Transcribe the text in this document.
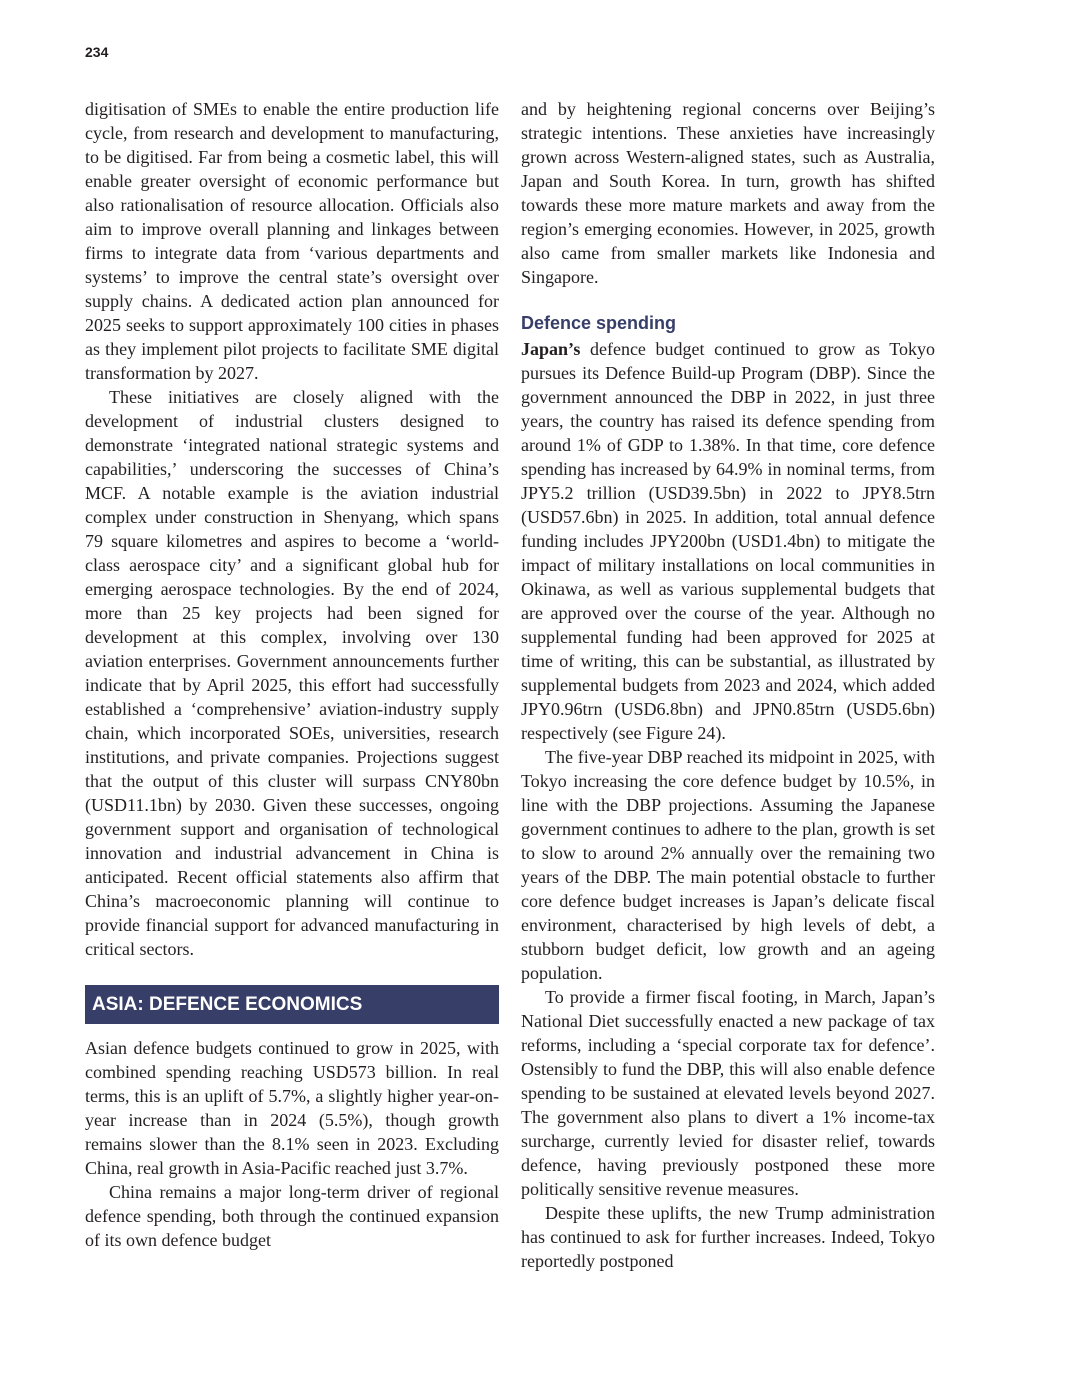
234

digitisation of SMEs to enable the entire production life cycle, from research and development to manufacturing, to be digitised. Far from being a cosmetic label, this will enable greater oversight of economic performance but also rationalisation of resource allocation. Officials also aim to improve overall planning and linkages between firms to integrate data from ‘various departments and systems’ to improve the central state’s oversight over supply chains. A dedicated action plan announced for 2025 seeks to support approximately 100 cities in phases as they implement pilot projects to facilitate SME digital transformation by 2027.

These initiatives are closely aligned with the development of industrial clusters designed to demonstrate ‘integrated national strategic systems and capabilities,’ underscoring the successes of China’s MCF. A notable example is the aviation industrial complex under construction in Shenyang, which spans 79 square kilometres and aspires to become a ‘world-class aerospace city’ and a significant global hub for emerging aerospace technologies. By the end of 2024, more than 25 key projects had been signed for development at this complex, involving over 130 aviation enterprises. Government announcements further indicate that by April 2025, this effort had successfully established a ‘comprehensive’ aviation-industry supply chain, which incorporated SOEs, universities, research institutions, and private companies. Projections suggest that the output of this cluster will surpass CNY80bn (USD11.1bn) by 2030. Given these successes, ongoing government support and organisation of technological innovation and industrial advancement in China is anticipated. Recent official statements also affirm that China’s macroeconomic planning will continue to provide financial support for advanced manufacturing in critical sectors.

ASIA: DEFENCE ECONOMICS

Asian defence budgets continued to grow in 2025, with combined spending reaching USD573 billion. In real terms, this is an uplift of 5.7%, a slightly higher year-on-year increase than in 2024 (5.5%), though growth remains slower than the 8.1% seen in 2023. Excluding China, real growth in Asia-Pacific reached just 3.7%.

China remains a major long-term driver of regional defence spending, both through the continued expansion of its own defence budget

and by heightening regional concerns over Beijing’s strategic intentions. These anxieties have increasingly grown across Western-aligned states, such as Australia, Japan and South Korea. In turn, growth has shifted towards these more mature markets and away from the region’s emerging economies. However, in 2025, growth also came from smaller markets like Indonesia and Singapore.

Defence spending

Japan’s defence budget continued to grow as Tokyo pursues its Defence Build-up Program (DBP). Since the government announced the DBP in 2022, in just three years, the country has raised its defence spending from around 1% of GDP to 1.38%. In that time, core defence spending has increased by 64.9% in nominal terms, from JPY5.2 trillion (USD39.5bn) in 2022 to JPY8.5trn (USD57.6bn) in 2025. In addition, total annual defence funding includes JPY200bn (USD1.4bn) to mitigate the impact of military installations on local communities in Okinawa, as well as various supplemental budgets that are approved over the course of the year. Although no supplemental funding had been approved for 2025 at time of writing, this can be substantial, as illustrated by supplemental budgets from 2023 and 2024, which added JPY0.96trn (USD6.8bn) and JPN0.85trn (USD5.6bn) respectively (see Figure 24).

The five-year DBP reached its midpoint in 2025, with Tokyo increasing the core defence budget by 10.5%, in line with the DBP projections. Assuming the Japanese government continues to adhere to the plan, growth is set to slow to around 2% annually over the remaining two years of the DBP. The main potential obstacle to further core defence budget increases is Japan’s delicate fiscal environment, characterised by high levels of debt, a stubborn budget deficit, low growth and an ageing population.

To provide a firmer fiscal footing, in March, Japan’s National Diet successfully enacted a new package of tax reforms, including a ‘special corporate tax for defence’. Ostensibly to fund the DBP, this will also enable defence spending to be sustained at elevated levels beyond 2027. The government also plans to divert a 1% income-tax surcharge, currently levied for disaster relief, towards defence, having previously postponed these more politically sensitive revenue measures.

Despite these uplifts, the new Trump administration has continued to ask for further increases. Indeed, Tokyo reportedly postponed
